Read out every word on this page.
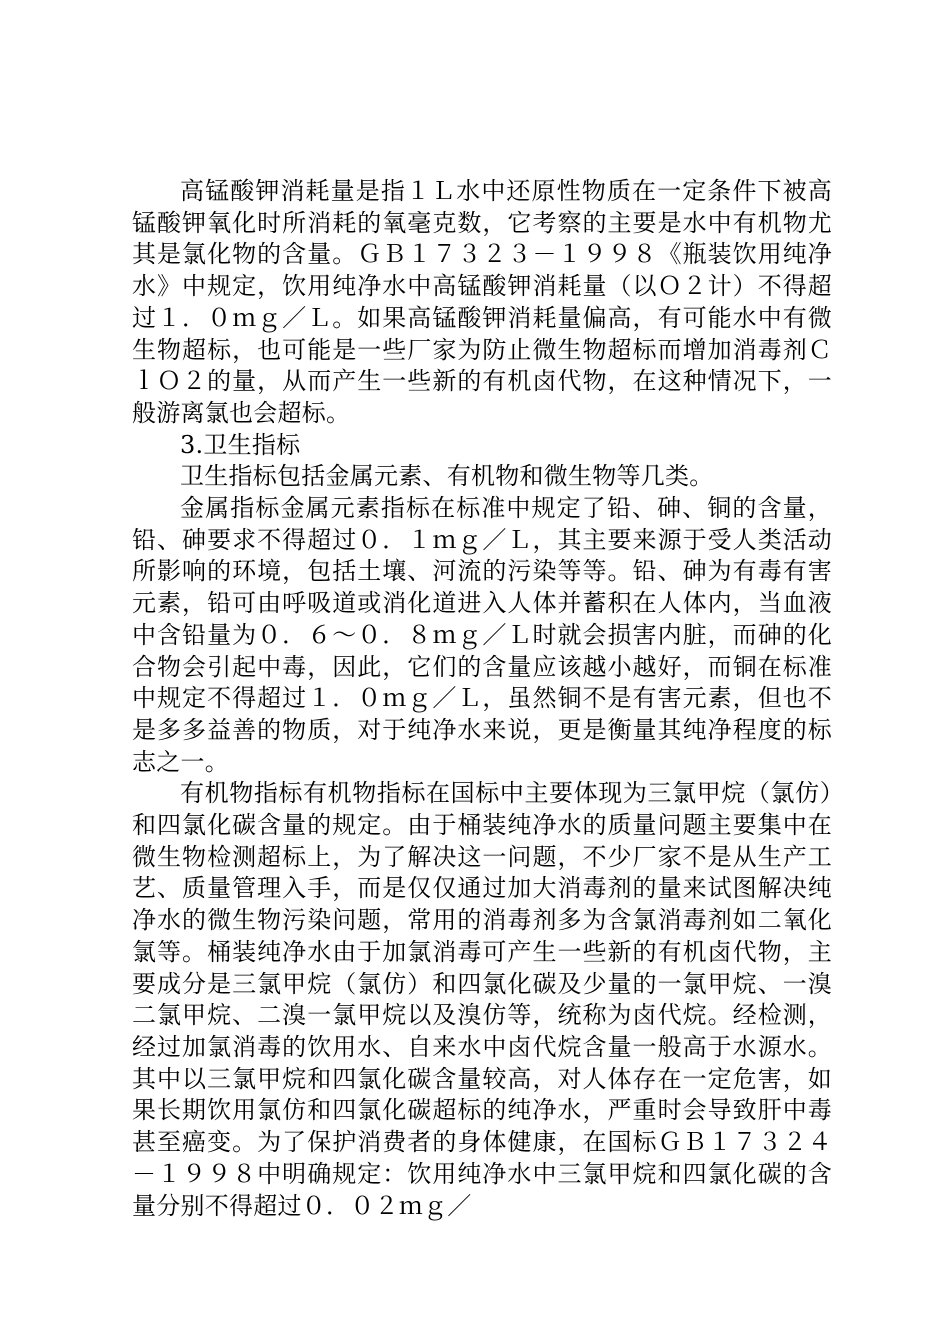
高锰酸钾消耗量是指１Ｌ水中还原性物质在一定条件下被高锰酸钾氧化时所消耗的氧毫克数，它考察的主要是水中有机物尤其是氯化物的含量。ＧＢ１７３２３－１９９８《瓶装饮用纯净水》中规定，饮用纯净水中高锰酸钾消耗量（以Ｏ２计）不得超过１．０ｍｇ／Ｌ。如果高锰酸钾消耗量偏高，有可能水中有微生物超标，也可能是一些厂家为防止微生物超标而增加消毒剂ＣｌＯ２的量，从而产生一些新的有机卤代物，在这种情况下，一般游离氯也会超标。

3.卫生指标

卫生指标包括金属元素、有机物和微生物等几类。

金属指标金属元素指标在标准中规定了铅、砷、铜的含量，铅、砷要求不得超过０．１ｍｇ／Ｌ，其主要来源于受人类活动所影响的环境，包括土壤、河流的污染等等。铅、砷为有毒有害元素，铅可由呼吸道或消化道进入人体并蓄积在人体内，当血液中含铅量为０．６～０．８ｍｇ／Ｌ时就会损害内脏，而砷的化合物会引起中毒，因此，它们的含量应该越小越好，而铜在标准中规定不得超过１．０ｍｇ／Ｌ，虽然铜不是有害元素，但也不是多多益善的物质，对于纯净水来说，更是衡量其纯净程度的标志之一。

有机物指标有机物指标在国标中主要体现为三氯甲烷（氯仿）和四氯化碳含量的规定。由于桶装纯净水的质量问题主要集中在微生物检测超标上，为了解决这一问题，不少厂家不是从生产工艺、质量管理入手，而是仅仅通过加大消毒剂的量来试图解决纯净水的微生物污染问题，常用的消毒剂多为含氯消毒剂如二氧化氯等。桶装纯净水由于加氯消毒可产生一些新的有机卤代物，主要成分是三氯甲烷（氯仿）和四氯化碳及少量的一氯甲烷、一溴二氯甲烷、二溴一氯甲烷以及溴仿等，统称为卤代烷。经检测，经过加氯消毒的饮用水、自来水中卤代烷含量一般高于水源水。其中以三氯甲烷和四氯化碳含量较高，对人体存在一定危害，如果长期饮用氯仿和四氯化碳超标的纯净水，严重时会导致肝中毒甚至癌变。为了保护消费者的身体健康，在国标ＧＢ１７３２４－１９９８中明确规定：饮用纯净水中三氯甲烷和四氯化碳的含量分别不得超过０．０２ｍｇ／
